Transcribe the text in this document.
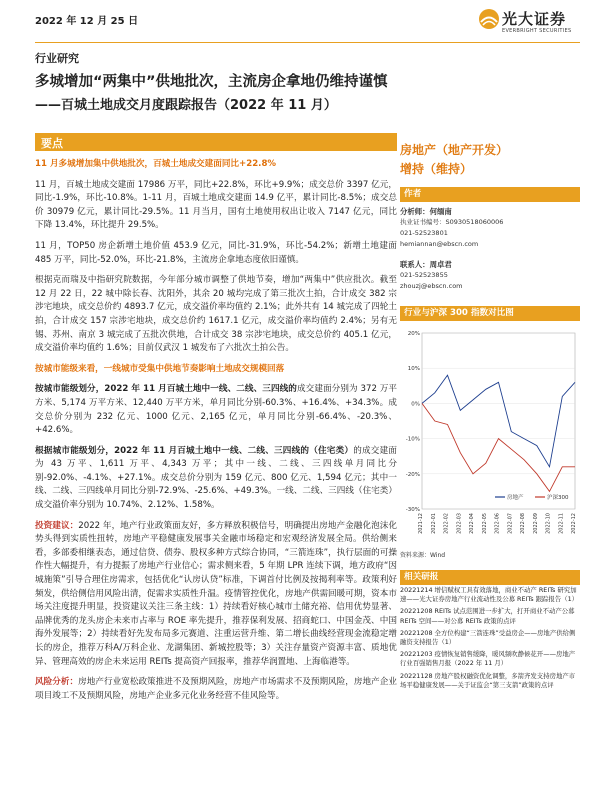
2022 年 12 月 25 日	光大证券
EVERBRIGHT SECURITIES
行业研究
多城增加“两集中”供地批次，主流房企拿地仍维持谨慎
——百城土地成交月度跟踪报告（2022 年 11 月）
要点

11 月多城增加集中供地批次，百城土地成交建面同比+22.8%

11 月，百城土地成交建面 17986 万平，同比+22.8%，环比+9.9%；成交总价 3397 亿元，同比-1.9%，环比-10.8%。1-11 月，百城土地成交建面 14.9 亿平，累计同比-8.5%；成交总价 30979 亿元，累计同比-29.5%。11 月当月，国有土地使用权出让收入 7147 亿元，同比下降 13.4%，环比提升 29.5%。

11 月，TOP50 房企新增土地价值 453.9 亿元，同比-31.9%，环比-54.2%；新增土地建面 485 万平，同比-52.0%，环比-21.8%，主流房企拿地态度依旧谨慎。

根据克而瑞及中指研究院数据，今年部分城市调整了供地节奏，增加“两集中”供应批次。截至 12 月 22 日，22 城中除长春、沈阳外，其余 20 城均完成了第三批次土拍，合计成交 382 宗涉宅地块，成交总价约 4893.7 亿元，成交溢价率均值约 2.1%；此外共有 14 城完成了四轮土拍，合计成交 157 宗涉宅地块，成交总价约 1617.1 亿元，成交溢价率均值约 2.4%；另有无锡、苏州、南京 3 城完成了五批次供地，合计成交 38 宗涉宅地块，成交总价约 405.1 亿元，成交溢价率均值约 1.6%；目前仅武汉 1 城发布了六批次土拍公告。

按城市能级来看，一线城市受集中供地节奏影响土地成交规模回落

按城市能级划分，2022 年 11 月百城土地中一线、二线、三四线的成交建面分别为 372 万平方米、5,174 万平方米、12,440 万平方米，单月同比分别-60.3%、+16.4%、+34.3%。成交总价分别为 232 亿元、1000 亿元、2,165 亿元，单月同比分别-66.4%、-20.3%、+42.6%。

根据城市能级划分，2022 年 11 月百城土地中一线、二线、三四线的（住宅类）的成交建面为 43 万平、1,611 万平、4,343 万平；其中一线、二线、三四线单月同比分别-92.0%、-4.1%、+27.1%。成交总价分别为 159 亿元、800 亿元、1,594 亿元；其中一线、二线、三四线单月同比分别-72.9%、-25.6%、+49.3%。一线、二线、三四线（住宅类）成交溢价率分别为 10.74%、2.12%、1.58%。

投资建议：2022 年，地产行业政策面友好，多方释放积极信号，明确提出房地产金融化泡沫化势头得到实质性扭转，房地产平稳健康发展事关金融市场稳定和宏观经济发展全局。供给侧来看，多部委相继表态，通过信贷、债券、股权多种方式综合协同，“三箭连珠”，执行层面的可操作性大幅提升，有力提振了房地产行业信心；需求侧来看，5 年期 LPR 连续下调，地方政府“因城施策”引导合理住房需求，包括优化“认房认贷”标准，下调首付比例及按揭利率等。政策利好频发，供给侧信用风险出清，促需求实质性升温。疫情管控优化，房地产供需回暖可期，资本市场关注度提升明显，投资建议关注三条主线：1）持续看好核心城市土储充裕、信用优势显著、品牌优秀的龙头房企未来市占率与 ROE 率先提升，推荐保利发展、招商蛇口、中国金茂、中国海外发展等；2）持续看好先发布局多元赛道、注重运营升维、第二增长曲线经营现金流稳定增长的房企，推荐万科A/万科企业、龙湖集团、新城控股等；3）关注存量资产资源丰富、质地优异、管理高效的房企未来运用 REITs 提高资产回报率，推荐华润置地、上海临港等。

风险分析：房地产行业宽松政策推进不及预期风险，房地产市场需求不及预期风险，房地产企业项目竣工不及预期风险，房地产企业多元化业务经营不佳风险等。

房地产（地产开发）
增持（维持）
作者
分析师：何缅南
执业证书编号：S0930518060006
021-52523801
hemiannan@ebscn.com
联系人：周卓君
021-52523855
zhouzj@ebscn.com
行业与沪深 300 指数对比图
-30%
-20%
-10%
0%
10%
20%
2021-12 2022-01 2022-02 2022-03 2022-04 2022-05 2022-06 2022-07 2022-08 2022-09 2022-10 2022-11 2022-12
房地产	沪深300
资料来源：Wind
相关研报
20221214 增信赋权工具有效落地，商业不动产 REITs 研究加速——光大证券房地产行业流动性及公募 REITs 跟踪报告（1）
20221208 REITs 试点范围进一步扩大，打开商业不动产公募 REITs 空间——对公募 REITs 政策的点评
20221208 全方位构建“三箭连珠”受益房企——房地产供给侧融资支持报告（1）
20221203 疫情恢复销售缓降，暖风频吹静候花开——房地产行业百强销售月报（2022 年 11 月）
20221128 房地产股权融资优化调整，多箭齐发支持房地产市场平稳健康发展——关于证监会“第三支箭”政策的点评
